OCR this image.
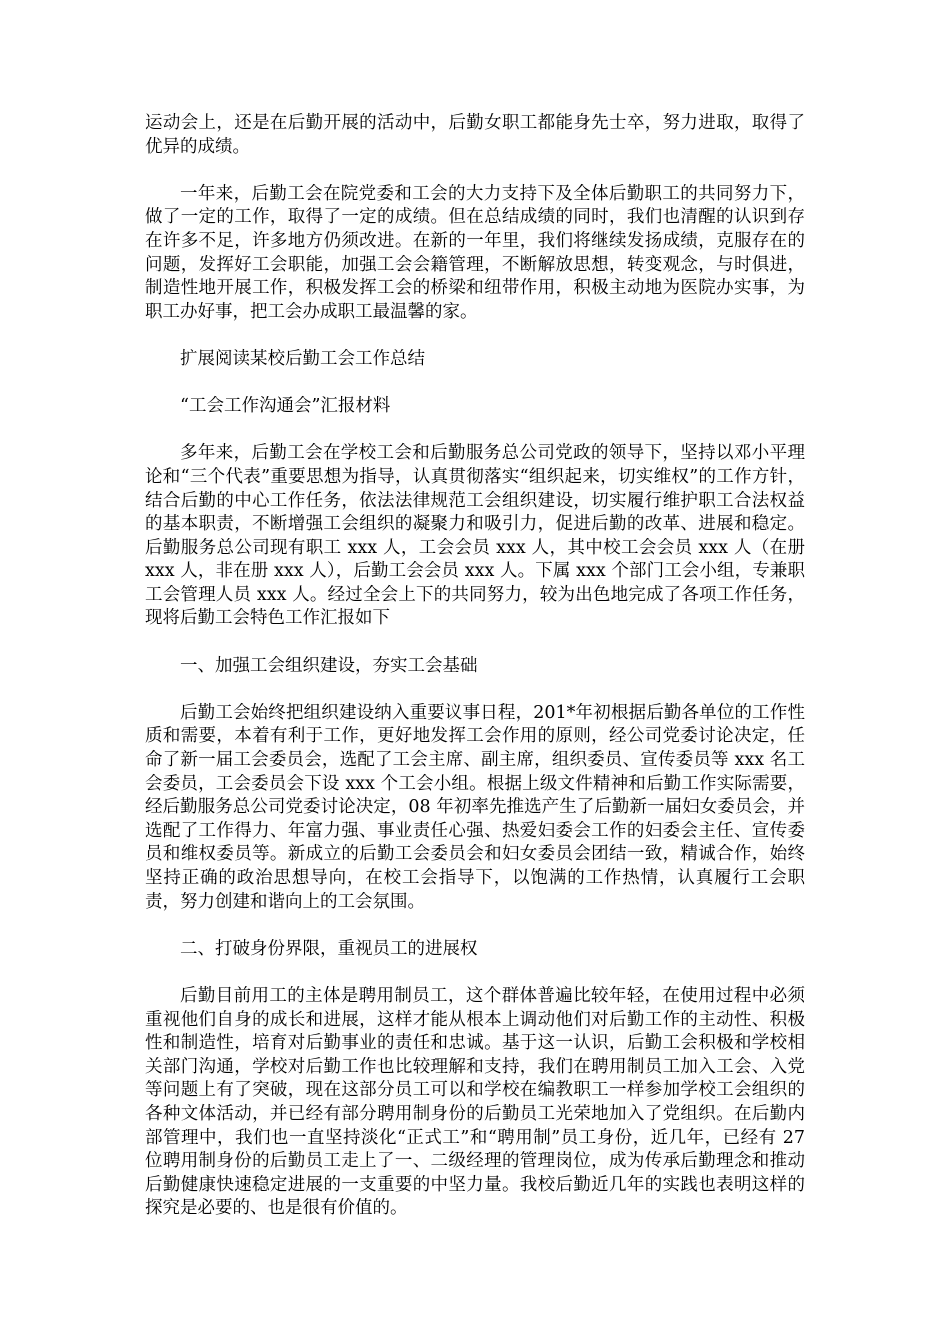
运动会上，还是在后勤开展的活动中，后勤女职工都能身先士卒，努力进取，取得了优异的成绩。

一年来，后勤工会在院党委和工会的大力支持下及全体后勤职工的共同努力下，做了一定的工作，取得了一定的成绩。但在总结成绩的同时，我们也清醒的认识到存在许多不足，许多地方仍须改进。在新的一年里，我们将继续发扬成绩，克服存在的问题，发挥好工会职能，加强工会会籍管理，不断解放思想，转变观念，与时俱进，制造性地开展工作，积极发挥工会的桥梁和纽带作用，积极主动地为医院办实事，为职工办好事，把工会办成职工最温馨的家。

扩展阅读某校后勤工会工作总结

“工会工作沟通会”汇报材料

多年来，后勤工会在学校工会和后勤服务总公司党政的领导下，坚持以邓小平理论和“三个代表”重要思想为指导，认真贯彻落实“组织起来，切实维权”的工作方针，结合后勤的中心工作任务，依法法律规范工会组织建设，切实履行维护职工合法权益的基本职责，不断增强工会组织的凝聚力和吸引力，促进后勤的改革、进展和稳定。后勤服务总公司现有职工 xxx 人，工会会员 xxx 人，其中校工会会员 xxx 人（在册 xxx 人，非在册 xxx 人），后勤工会会员 xxx 人。下属 xxx 个部门工会小组，专兼职工会管理人员 xxx 人。经过全会上下的共同努力，较为出色地完成了各项工作任务，现将后勤工会特色工作汇报如下

一、加强工会组织建设，夯实工会基础

后勤工会始终把组织建设纳入重要议事日程，201*年初根据后勤各单位的工作性质和需要，本着有利于工作，更好地发挥工会作用的原则，经公司党委讨论决定，任命了新一届工会委员会，选配了工会主席、副主席，组织委员、宣传委员等 xxx 名工会委员，工会委员会下设 xxx 个工会小组。根据上级文件精神和后勤工作实际需要，经后勤服务总公司党委讨论决定，08 年初率先推选产生了后勤新一届妇女委员会，并选配了工作得力、年富力强、事业责任心强、热爱妇委会工作的妇委会主任、宣传委员和维权委员等。新成立的后勤工会委员会和妇女委员会团结一致，精诚合作，始终坚持正确的政治思想导向，在校工会指导下，以饱满的工作热情，认真履行工会职责，努力创建和谐向上的工会氛围。

二、打破身份界限，重视员工的进展权

后勤目前用工的主体是聘用制员工，这个群体普遍比较年轻，在使用过程中必须重视他们自身的成长和进展，这样才能从根本上调动他们对后勤工作的主动性、积极性和制造性，培育对后勤事业的责任和忠诚。基于这一认识，后勤工会积极和学校相关部门沟通，学校对后勤工作也比较理解和支持，我们在聘用制员工加入工会、入党等问题上有了突破，现在这部分员工可以和学校在编教职工一样参加学校工会组织的各种文体活动，并已经有部分聘用制身份的后勤员工光荣地加入了党组织。在后勤内部管理中，我们也一直坚持淡化“正式工”和“聘用制”员工身份，近几年，已经有 27 位聘用制身份的后勤员工走上了一、二级经理的管理岗位，成为传承后勤理念和推动后勤健康快速稳定进展的一支重要的中坚力量。我校后勤近几年的实践也表明这样的探究是必要的、也是很有价值的。
